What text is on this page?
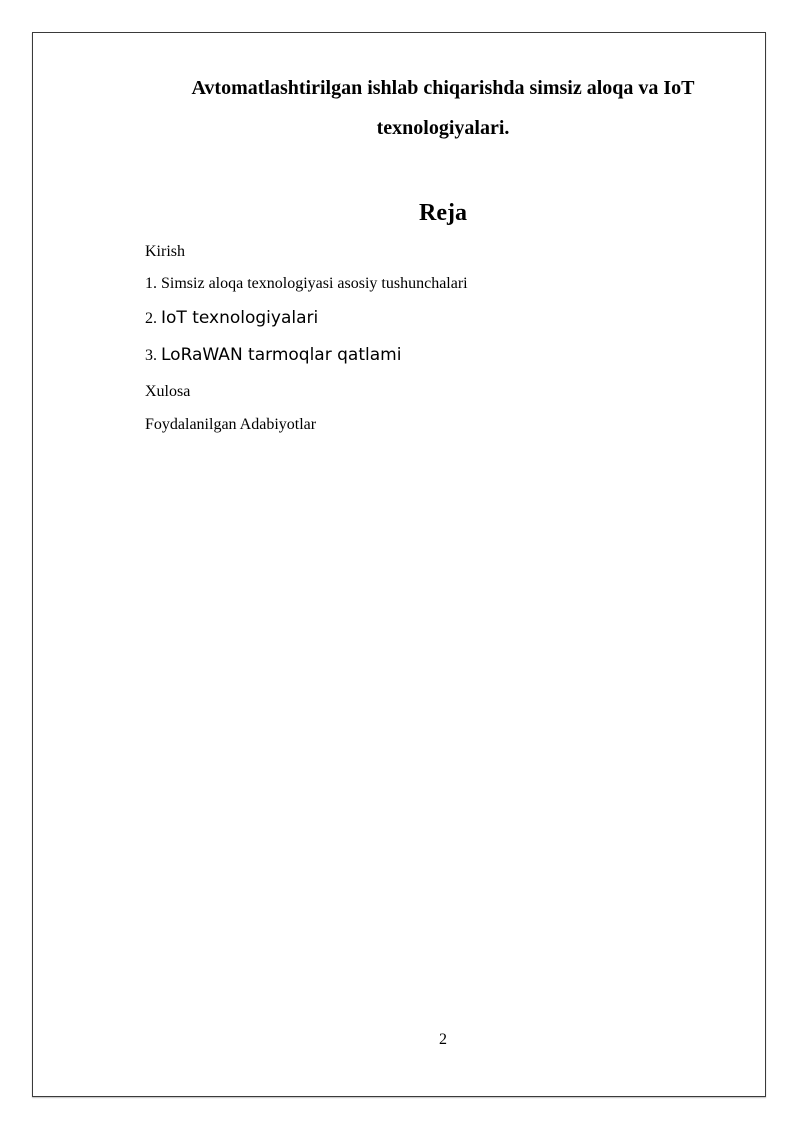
Avtomatlashtirilgan ishlab chiqarishda simsiz aloqa va IoT
texnologiyalari.
Reja
Kirish
1. Simsiz aloqa texnologiyasi asosiy tushunchalari
2. IoT texnologiyalari
3. LoRaWAN tarmoqlar qatlami
Xulosa
Foydalanilgan Adabiyotlar
2
